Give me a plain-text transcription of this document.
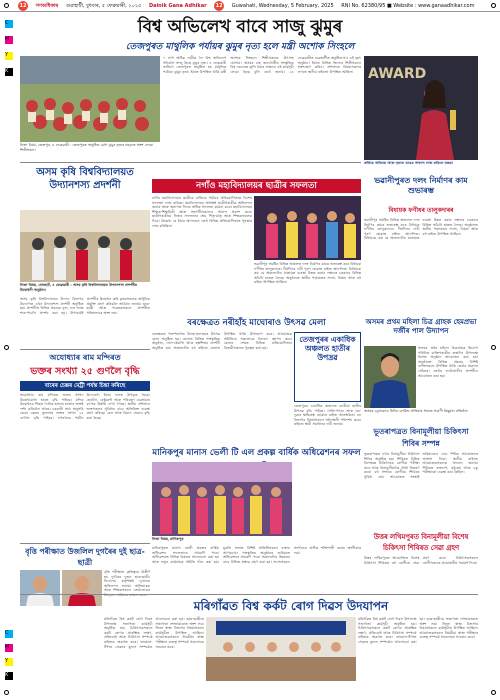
12 গণঅধিকাৰ গুৱাহাটী, বুধবাৰ, ৫ ফেব্ৰুৱাৰী, ২০২৫ Dainik Gana Adhikar 12 Guwahati, Wednesday, 5 February, 2025 RNI No. 62380/95 ■ Website : www.ganaadhikar.com
C
M
Y
K
C
M
Y
K
বিশ্ব অভিলেখ বাবে সাজু ঝুমুৰ
তেজপুৰত মাথুলিক পৰ্যায়ৰ ঝুমুৰ নৃত্য হলে মন্ত্ৰী অশোক সিংহলে
নিজা বিষয়, তেজপুৰ, ৪ ফেব্ৰুৱাৰী : তেজপুৰত অনুষ্ঠিত মেগা ঝুমুৰ নৃত্যৰ মহড়াত অংশ লোৱা শিল্পীসকল।
৭ লাখ অধিক নাৰীক লৈ বিশ্ব অভিলেখ গঢ়িবলৈ সাজু হৈছে ঝুমুৰ নৃত্য। ৪ ফেব্ৰুৱাৰী তাৰিখে তেজপুৰত অনুষ্ঠিত হয় মাথুলিক পৰ্যায়ৰ ঝুমুৰ নৃত্য। ইয়াত উপস্থিত থাকি মন্ত্ৰী অশোক সিংহলে শিল্পীসকলক উৎসাহ যোগায়। অসমৰ চাহ জনগোষ্ঠীৰ সংস্কৃতিক বিশ্ব দৰবাৰত তুলি ধৰাৰ লক্ষ্যৰে এই কাৰ্যসূচী লোৱা হৈছে বুলি তেওঁ জনায়। ২৪ ফেব্ৰুৱাৰীত গুৱাহাটীত অনুষ্ঠিত হ'ব এই বৃহৎ অনুষ্ঠান। ইয়াত বিভিন্ন জিলাৰ শিল্পীসকলে অংশগ্ৰহণ কৰিব। প্ৰশাসনৰ বিষয়াসকলৰ লগতে স্থানীয় ৰাইজো উপস্থিত আছিল।	AWARD
কৰ্তিয়ে অভিনয় আৰু নৃত্যত ডাঙৰ সাফল্য লাভ কৰিলে ঘৰুৱা
অসম কৃষি বিশ্ববিদ্যালয়ত উদ্যানশস্য প্ৰদৰ্শনী
নিজা বিষয়, যোৰহাট, ৪ ফেব্ৰুৱাৰী : অসম কৃষি বিশ্ববিদ্যালয়ত উদ্যানশস্য প্ৰদৰ্শনীৰ উদ্বোধনী অনুষ্ঠান।
অসম কৃষি বিশ্ববিদ্যালয়ৰ উদ্যান বিভাগৰ উদ্যোগত এখন উদ্যানশস্য প্ৰদৰ্শনী অনুষ্ঠিত হয়। প্ৰদৰ্শনীত বিভিন্ন প্ৰকাৰৰ ফুল, ফল আৰু শাক-পাচলি প্ৰদৰ্শন কৰা হয়। উপাচাৰ্যই প্ৰদৰ্শনীৰ উদ্বোধন কৰি কৃষকসকলক আধুনিক প্ৰযুক্তি গ্ৰহণ কৰিবলৈ আহ্বান জনায়। ছাত্ৰ-ছাত্ৰী আৰু গৱেষকসকলে প্ৰদৰ্শনীত সক্ৰিয়ভাৱে অংশ লয়।
নগাঁও মহাবিদ্যালয়ৰ ছাত্ৰীৰ সফলতা
নগাঁও মহাবিদ্যালয়ৰ ছাত্ৰীয়ে ৰাজ্যিক পৰ্যায়ৰ প্ৰতিযোগিতাত বিশেষ সফলতা লাভ কৰিছে। মহাবিদ্যালয়ৰ অধ্যক্ষই ছাত্ৰীগৰাকীক অভিনন্দন জনায় আৰু অনাগত দিনত অধিক সফলতা কামনা কৰে। মহাবিদ্যালয়ৰ শিক্ষক-শিক্ষয়িত্ৰী আৰু সহপাঠীসকলেও আনন্দ প্ৰকাশ কৰে। ছাত্ৰীগৰাকীয়ে নিজৰ সফলতাৰ শ্ৰেয় পিতৃ-মাতৃ আৰু শিক্ষকসকলক দিয়ে। উল্লেখ্য যে ইয়াৰ আগতেও তেওঁ বিভিন্ন প্ৰতিযোগিতাত পুৰস্কাৰ লাভ কৰিছিল।
ভৱানীপুৰ সমষ্টিৰ বিভিন্ন অঞ্চলত দলং নিৰ্মাণৰ কামৰ শুভাৰম্ভ কৰে বিধায়ক ফণীধৰ তালুকদাৰে। দীৰ্ঘদিনৰ দাবী পূৰণ হোৱাত ৰাইজ আনন্দিত। বিধায়কে কয় যে অঞ্চলটোৰ যাতায়ত ব্যৱস্থা উন্নত কৰাৰ লক্ষ্যৰে চৰকাৰে বিভিন্ন আঁচনি হাতত লৈছে। অনুষ্ঠানত স্থানীয় পঞ্চায়তৰ সদস্য, বিষয়া আৰু বহু ৰাইজ উপস্থিত আছিল।
ভৱানীপুৰত দলং নিৰ্মাণৰ কাম শুভাৰম্ভ
বিধায়ক ফণীধৰ তালুকদাৰৰ
ভৱানীপুৰ সমষ্টিৰ বিভিন্ন অঞ্চলত দলং নিৰ্মাণৰ কামৰ শুভাৰম্ভ কৰে বিধায়ক ফণীধৰ তালুকদাৰে। দীৰ্ঘদিনৰ দাবী পূৰণ হোৱাত ৰাইজ আনন্দিত। বিধায়কে কয় যে অঞ্চলটোৰ যাতায়ত ব্যৱস্থা উন্নত কৰাৰ লক্ষ্যৰে চৰকাৰে বিভিন্ন আঁচনি হাতত লৈছে। অনুষ্ঠানত স্থানীয় পঞ্চায়তৰ সদস্য, বিষয়া আৰু বহু ৰাইজ উপস্থিত আছিল।
বৰক্ষেত্ৰত নৰীহাঁহ মাঘোৰাও উৎসৱ মেলা
বৰক্ষেত্ৰত পৰম্পৰাগত উলহ-মালহেৰে উৎসৱ মেলা অনুষ্ঠিত হয়। মেলাত বিভিন্ন সাংস্কৃতিক অনুষ্ঠান, খেল-ধেমালি আৰু হস্তশিল্পৰ প্ৰদৰ্শনী অনুষ্ঠিত হয়। অঞ্চলটোৰ বহু ৰাইজে মেলাত উপস্থিত থাকি উপভোগ কৰে। আয়োজক সমিতিয়ে সকলোকে ধন্যবাদ জ্ঞাপন কৰে। মেলাৰ শেষত বিভিন্ন প্ৰতিযোগিতাৰ বিজয়ীসকলক পুৰস্কৃত কৰা হয়।
তেজপুৰৰ একাধিক অঞ্চলত হাতীৰ উপদ্ৰৱ
তেজপুৰৰ একাধিক অঞ্চলত বনৰীয়া হাতীৰ উপদ্ৰৱ বৃদ্ধি পাইছে। খেতি-পথাৰ আৰু ঘৰ-দুৱাৰ ক্ষতিগ্ৰস্ত হোৱাত ৰাইজ আতংকিত। বন বিভাগৰ বিষয়াসকলে ঘটনাস্থলী পৰিদৰ্শন কৰে। ৰাইজে স্থায়ী সমাধানৰ দাবী জনায়।
অসমৰ প্ৰথম মহিলা চিত্ৰ গ্ৰাহক হেমপ্ৰভা দৰ্জীৰ পাল উদ্যাপন
অসমৰ প্ৰথম মহিলা চিত্ৰগ্ৰাহক হিচাপে পৰিচিত ব্যক্তিগৰাকীৰ জন্মদিন উপলক্ষে বিশেষ অনুষ্ঠান আয়োজন কৰা হয়। অনুষ্ঠানত বিভিন্ন ক্ষেত্ৰৰ বিশিষ্ট ব্যক্তিসকলে উপস্থিত থাকি তেওঁৰ অৱদান সোঁৱৰে। তেওঁৰ ফটোগ্ৰাফীৰ প্ৰদৰ্শনীও আয়োজন কৰা হয়।
অসমৰ ড্ৰেসকোড মিটাৰ ৰোমিন্ড প্ৰক্ৰিয়াৰ ধাৰাত অগ্ৰণী কিছুমান প্ৰতিষ্ঠান
অযোধ্যাৰ ৰাম মন্দিৰত
ভক্তৰ সংখ্যা ২৫ গুণলৈ বৃদ্ধি
বাৰেৰ চেক্সৰ মেট্ৰী পৰ্যন্ত চিন্তা কৰিছে
অযোধ্যাৰ ৰাম মন্দিৰত ভক্তৰ সংখ্যা উল্লেখযোগ্য হাৰত বৃদ্ধি পাইছে। মন্দিৰ উদ্বোধনৰ পিছত দৈনিক হাজাৰ হাজাৰ ভক্তই দৰ্শন কৰিবলৈ আহে। চৰকাৰী তথ্য অনুসৰি যোৱা বছৰৰ তুলনাত ভক্তৰ সংখ্যা ২৫ গুণলৈ বৃদ্ধি পাইছে। নগৰখনৰ পৰ্যটন উদ্যোগো ইয়াৰ ফলত উপকৃত হৈছে। হোটেল, ৰেষ্টুৰেণ্ট আৰু পৰিবহণ ব্যৱসায়ত ব্যাপক উন্নতি দেখা গৈছে। স্থানীয় প্ৰশাসনে ভক্তসকলৰ সুবিধাৰ বাবে অতিৰিক্ত ব্যৱস্থা গ্ৰহণ কৰিছে। ৰেল আৰু বিমান সেৱাও বৃদ্ধি কৰা হৈছে।
বৃত্তি পৰীক্ষাত উজলিল দুগৰৈৰ দুই ছাত্ৰ-ছাত্ৰী
বৃত্তি পৰীক্ষাত কৃতিত্বৰে উত্তীৰ্ণ হয় দুগৰৈৰ দুজন ছাত্ৰ-ছাত্ৰী। বিদ্যালয় কৰ্তৃপক্ষই দুয়োকে অভিনন্দন জনায়। অভিভাৱক আৰু শিক্ষকসকলে তেওঁলোকৰ
মানিকপুৰ মানাস ভেলী টি এল প্ৰকল্প বাৰ্ষিক অধিৱেশনৰ সফল
নিজা বিষয়, মানিকপুৰ
মানিকপুৰত মানাস ভেলী প্ৰকল্পৰ বাৰ্ষিক অধিৱেশন সফলতাৰে সামৰণি পৰে। অধিৱেশনত বিভিন্ন বিষয়ত আলোচনা কৰা হয় আৰু নতুন কাৰ্যবাহক সমিতি গঠন কৰা হয়। মুকলি সভাত বিশিষ্ট অতিথিসকলে বক্তব্য আগবঢ়ায়। সাংস্কৃতিক অনুষ্ঠানৰ জৰিয়তে অধিৱেশনৰ সামৰণি পৰে। অঞ্চলটোৰ উন্নয়নৰ বাবে বিভিন্ন প্ৰস্তাৱ গ্ৰহণ কৰা হয়। সদস্যসকলে সংগঠনক অধিক শক্তিশালী কৰাৰ অংগীকাৰ লয়।
ভূতৰাপত্ৰত বিনামূলীয়া চিকিৎসা শিবিৰ সম্পন্ন
ভূতৰাপত্ৰত এখন বিনামূলীয়া চিকিৎসা শিবিৰ অনুষ্ঠিত হয়। শিবিৰত বিভিন্ন বিশেষজ্ঞ চিকিৎসকে ৰোগীক পৰীক্ষা কৰে আৰু বিনামূলীয়াকৈ ঔষধ বিতৰণ কৰে। বহু সংখ্যক ৰোগীয়ে শিবিৰৰ সুবিধা লয়। আয়োজক সংস্থাই ভৱিষ্যতেও এনে শিবিৰ আয়োজনৰ আশ্বাস দিয়ে। স্থানীয় ৰাইজে আয়োজকসকলক ধন্যবাদ জনায়। শিবিৰত ৰক্তচাপ, মধুমেহ আৰু চকু পৰীক্ষাৰো ব্যৱস্থা কৰা হৈছিল।
উত্তৰ লখিমপুৰত বিনামূলীয়া বিশেষ চিকিৎসা শিবিৰত সেৱা গ্ৰহণ
উত্তৰ লখিমপুৰত আয়োজিত বিশেষ চিকিৎসা শিবিৰত বহু ৰোগীয়ে সেৱা গ্ৰহণ কৰে। চিকিৎসকসকলে ৰোগীসকলক প্ৰয়োজনীয় পৰামৰ্শ দিয়ে।
মৰিগাঁৱত বিশ্ব কৰ্কট ৰোগ দিৱস উদযাপন
মৰিগাঁৱত বিশ্ব কৰ্কট ৰোগ দিৱস উপলক্ষে সজাগতা কাৰ্যসূচী অনুষ্ঠিত হয়। চিকিৎসকসকলে কৰ্কট ৰোগৰ প্ৰাৰম্ভিক লক্ষণ, প্ৰতিৰোধ আৰু চিকিৎসা সম্পৰ্কে ৰাইজক অৱগত কৰে। তামোল-ধঁপাত সেৱনৰ কুফল সম্পৰ্কেও আলোচনা কৰা হয়। ছাত্ৰ-ছাত্ৰীয়ে সজাগতা শোভাযাত্ৰাত অংশ লয়। জিলা স্বাস্থ্য বিভাগৰ বিষয়াসকলে কাৰ্যসূচীত উপস্থিত আছিল। আয়োজকসকলে নিয়মীয়া স্বাস্থ্য পৰীক্ষাৰ গুৰুত্ব সম্পৰ্কে সকলোকে সচেতন কৰে।
মৰিগাঁৱত বিশ্ব কৰ্কট ৰোগ দিৱস উপলক্ষে সজাগতা কাৰ্যসূচী অনুষ্ঠিত হয়। চিকিৎসকসকলে কৰ্কট ৰোগৰ প্ৰাৰম্ভিক লক্ষণ, প্ৰতিৰোধ আৰু চিকিৎসা সম্পৰ্কে ৰাইজক অৱগত কৰে। তামোল-ধঁপাত সেৱনৰ কুফল সম্পৰ্কেও আলোচনা কৰা হয়। ছাত্ৰ-ছাত্ৰীয়ে সজাগতা শোভাযাত্ৰাত অংশ লয়। জিলা স্বাস্থ্য বিভাগৰ বিষয়াসকলে কাৰ্যসূচীত উপস্থিত আছিল। আয়োজকসকলে নিয়মীয়া স্বাস্থ্য পৰীক্ষাৰ গুৰুত্ব সম্পৰ্কে সকলোকে সচেতন কৰে।
